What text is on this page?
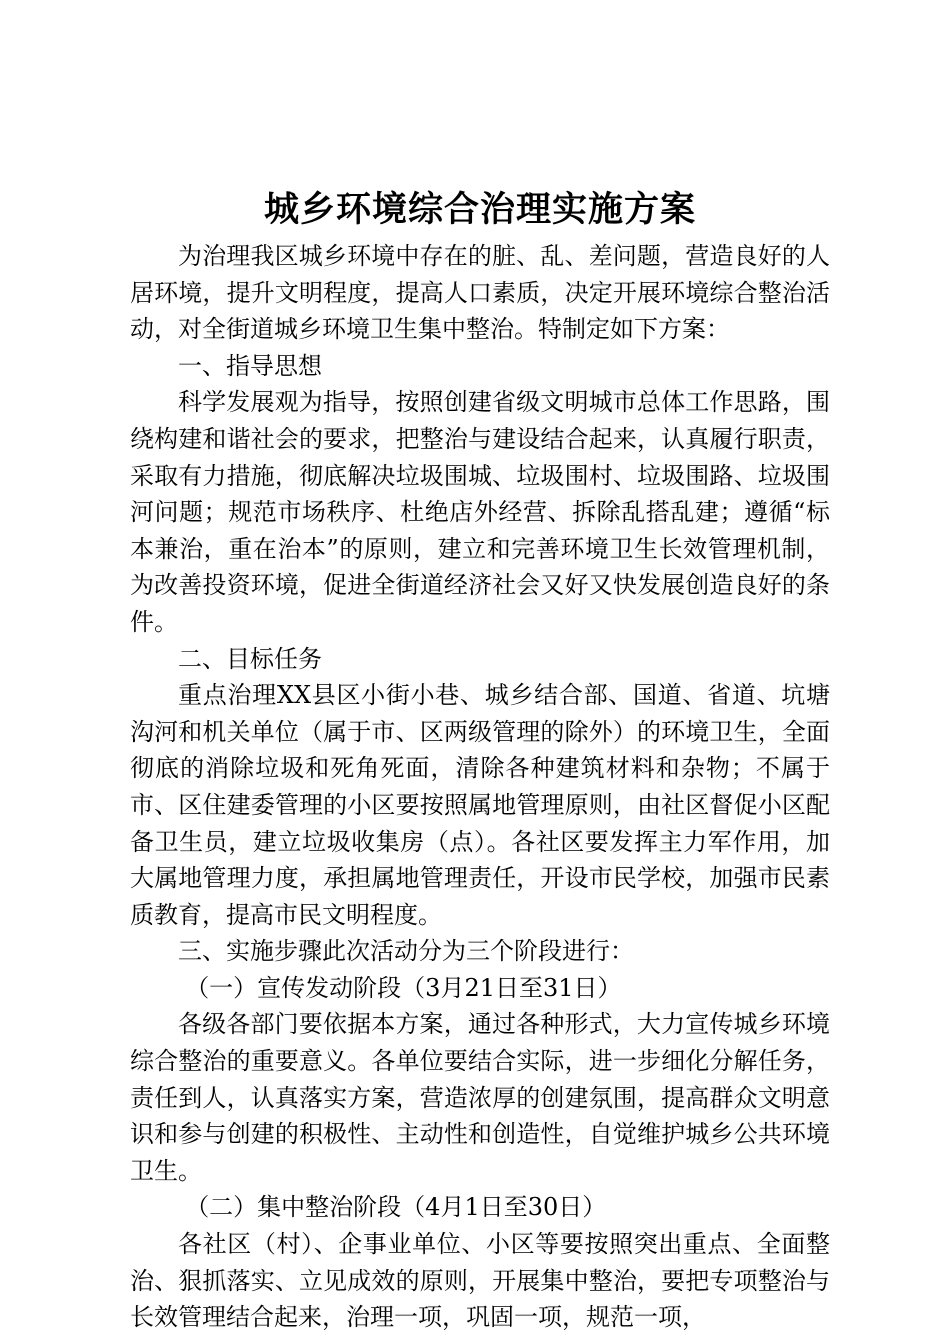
城乡环境综合治理实施方案

为治理我区城乡环境中存在的脏、乱、差问题，营造良好的人居环境，提升文明程度，提高人口素质，决定开展环境综合整治活动，对全街道城乡环境卫生集中整治。特制定如下方案：

一、指导思想

科学发展观为指导，按照创建省级文明城市总体工作思路，围绕构建和谐社会的要求，把整治与建设结合起来，认真履行职责，采取有力措施，彻底解决垃圾围城、垃圾围村、垃圾围路、垃圾围河问题；规范市场秩序、杜绝店外经营、拆除乱搭乱建；遵循“标本兼治，重在治本”的原则，建立和完善环境卫生长效管理机制，为改善投资环境，促进全街道经济社会又好又快发展创造良好的条件。

二、目标任务

重点治理XX县区小街小巷、城乡结合部、国道、省道、坑塘沟河和机关单位（属于市、区两级管理的除外）的环境卫生，全面彻底的消除垃圾和死角死面，清除各种建筑材料和杂物；不属于市、区住建委管理的小区要按照属地管理原则，由社区督促小区配备卫生员，建立垃圾收集房（点）。各社区要发挥主力军作用，加大属地管理力度，承担属地管理责任，开设市民学校，加强市民素质教育，提高市民文明程度。

三、实施步骤此次活动分为三个阶段进行：

（一）宣传发动阶段（3月21日至31日）

各级各部门要依据本方案，通过各种形式，大力宣传城乡环境综合整治的重要意义。各单位要结合实际，进一步细化分解任务，责任到人，认真落实方案，营造浓厚的创建氛围，提高群众文明意识和参与创建的积极性、主动性和创造性，自觉维护城乡公共环境卫生。

（二）集中整治阶段（4月1日至30日）

各社区（村）、企事业单位、小区等要按照突出重点、全面整治、狠抓落实、立见成效的原则，开展集中整治，要把专项整治与长效管理结合起来，治理一项，巩固一项，规范一项，
